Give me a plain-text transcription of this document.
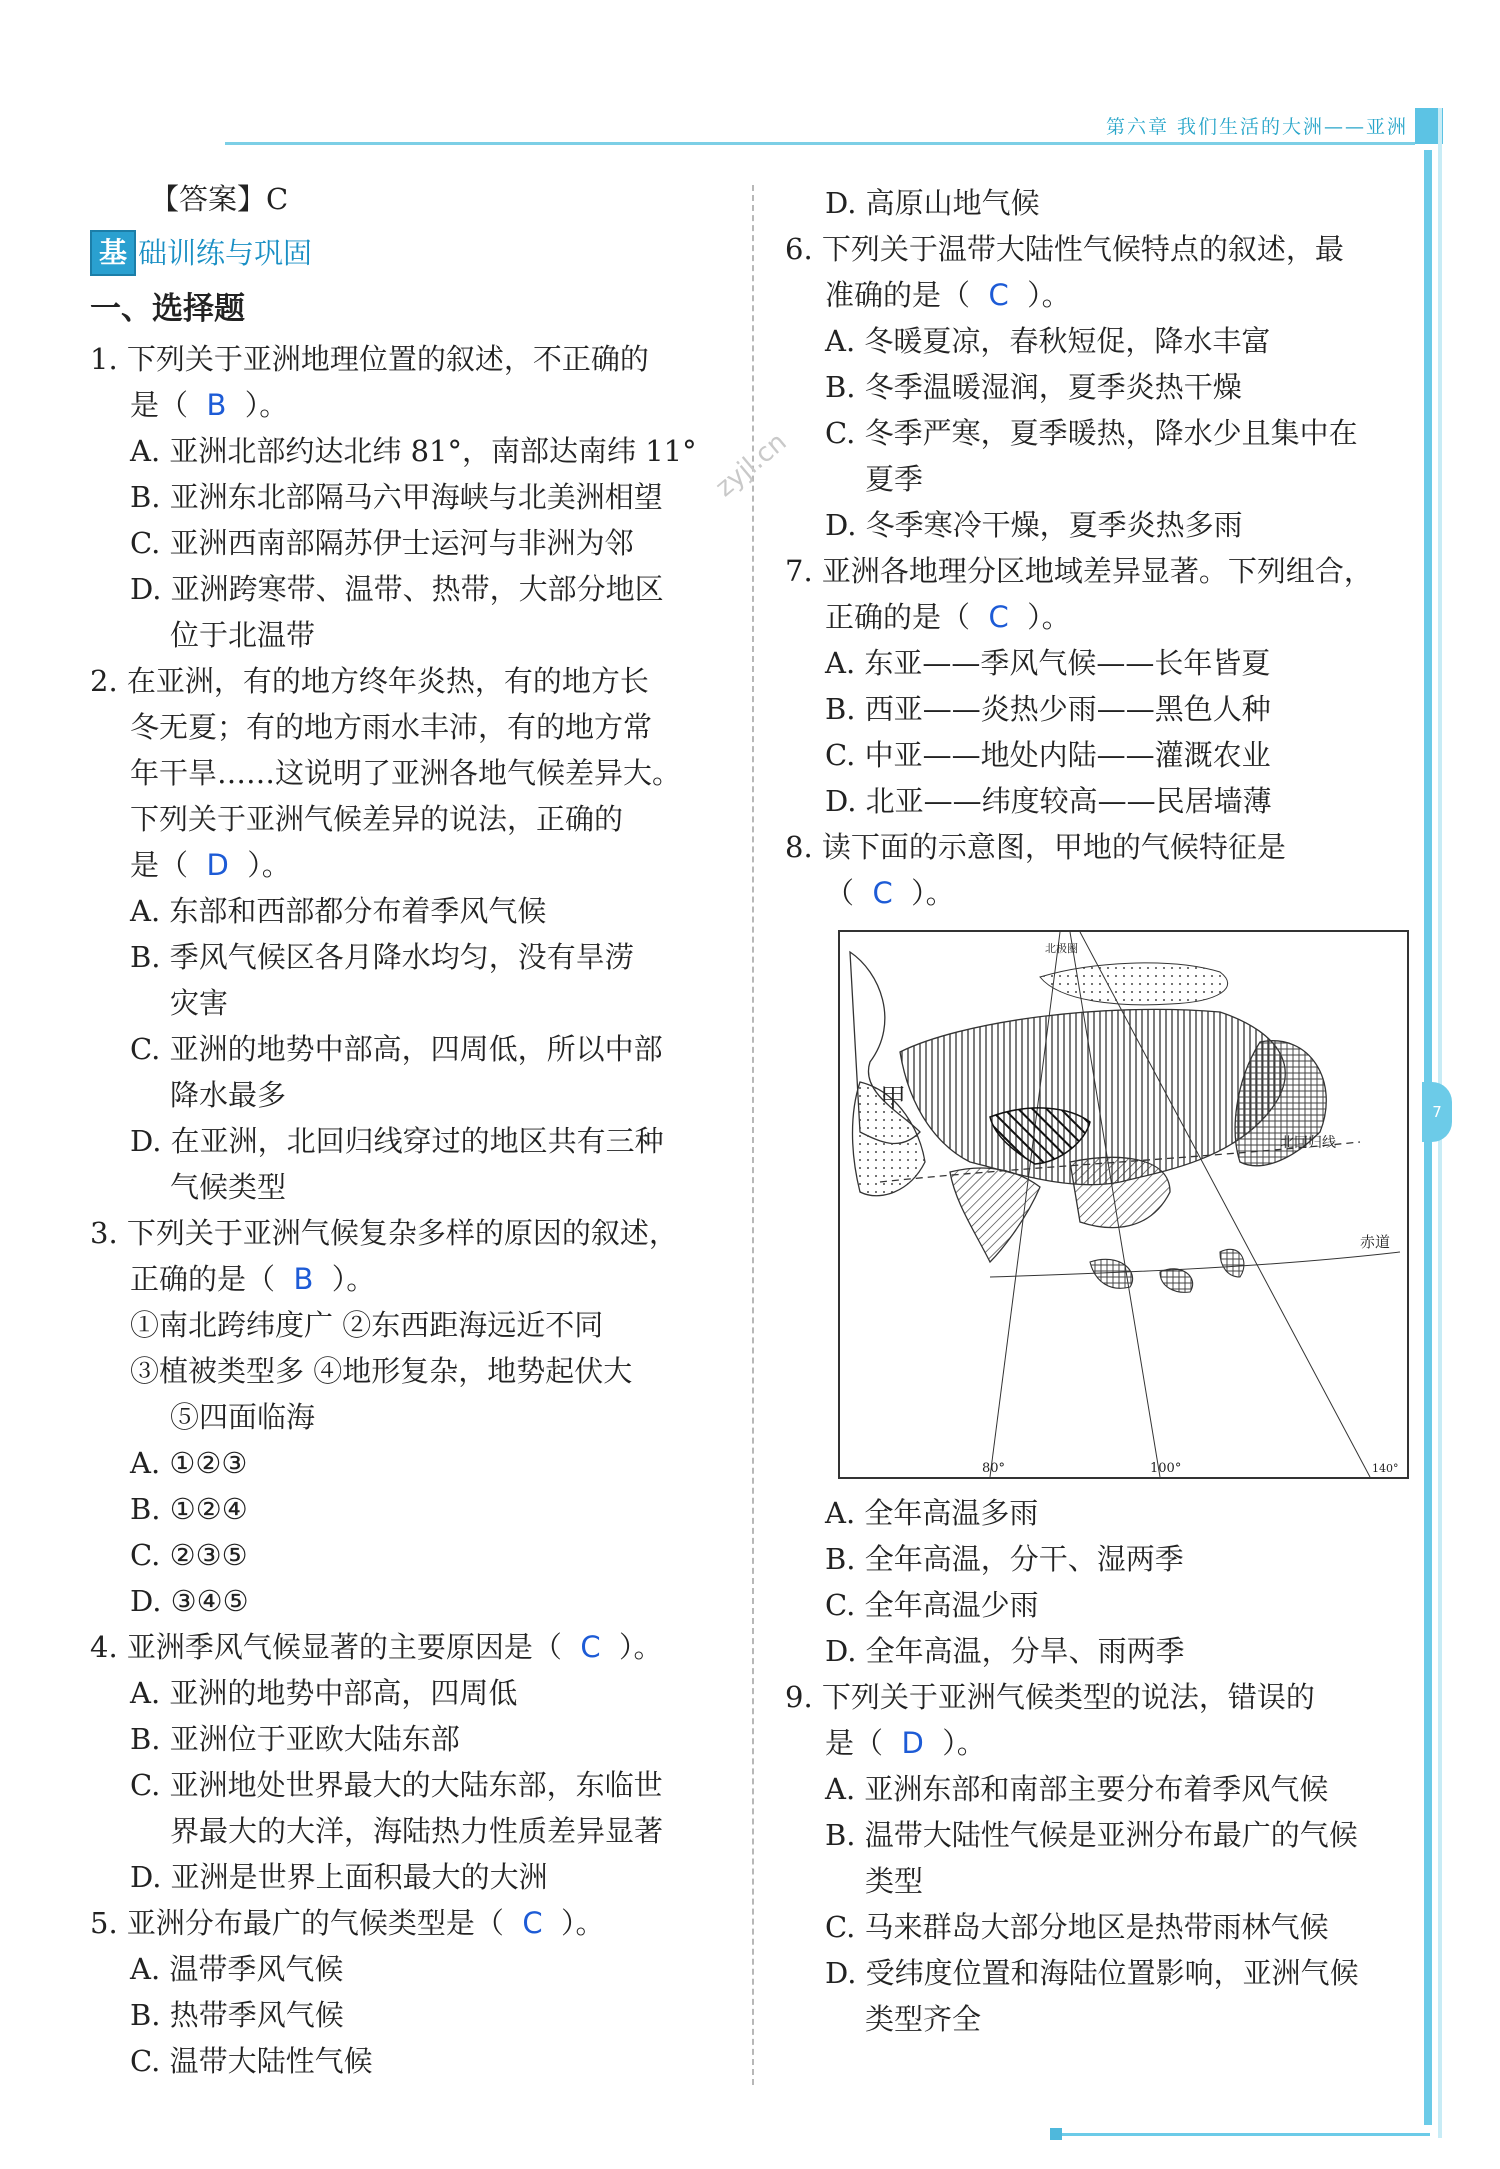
第六章 我们生活的大洲——亚洲
7
zyjl.cn

【答案】C

基 础训练与巩固

一、选择题

1. 下列关于亚洲地理位置的叙述，不正确的

是（ B ）。

A. 亚洲北部约达北纬 81°，南部达南纬 11°

B. 亚洲东北部隔马六甲海峡与北美洲相望

C. 亚洲西南部隔苏伊士运河与非洲为邻

D. 亚洲跨寒带、温带、热带，大部分地区

位于北温带

2. 在亚洲，有的地方终年炎热，有的地方长

冬无夏；有的地方雨水丰沛，有的地方常

年干旱……这说明了亚洲各地气候差异大。

下列关于亚洲气候差异的说法，正确的

是（ D ）。

A. 东部和西部都分布着季风气候

B. 季风气候区各月降水均匀，没有旱涝

灾害

C. 亚洲的地势中部高，四周低，所以中部

降水最多

D. 在亚洲，北回归线穿过的地区共有三种

气候类型

3. 下列关于亚洲气候复杂多样的原因的叙述，

正确的是（ B ）。

①南北跨纬度广 ②东西距海远近不同

③植被类型多 ④地形复杂，地势起伏大

⑤四面临海

A. ①②③

B. ①②④

C. ②③⑤

D. ③④⑤

4. 亚洲季风气候显著的主要原因是（ C ）。

A. 亚洲的地势中部高，四周低

B. 亚洲位于亚欧大陆东部

C. 亚洲地处世界最大的大陆东部，东临世

界最大的大洋，海陆热力性质差异显著

D. 亚洲是世界上面积最大的大洲

5. 亚洲分布最广的气候类型是（ C ）。

A. 温带季风气候

B. 热带季风气候

C. 温带大陆性气候

D. 高原山地气候

6. 下列关于温带大陆性气候特点的叙述，最

准确的是（ C ）。

A. 冬暖夏凉，春秋短促，降水丰富

B. 冬季温暖湿润，夏季炎热干燥

C. 冬季严寒，夏季暖热，降水少且集中在

夏季

D. 冬季寒冷干燥，夏季炎热多雨

7. 亚洲各地理分区地域差异显著。下列组合，

正确的是（ C ）。

A. 东亚——季风气候——长年皆夏

B. 西亚——炎热少雨——黑色人种

C. 中亚——地处内陆——灌溉农业

D. 北亚——纬度较高——民居墙薄

8. 读下面的示意图，甲地的气候特征是

（ C ）。

甲
北回归线
赤道
北极圈
80°	100°	140°

A. 全年高温多雨

B. 全年高温，分干、湿两季

C. 全年高温少雨

D. 全年高温，分旱、雨两季

9. 下列关于亚洲气候类型的说法，错误的

是（ D ）。

A. 亚洲东部和南部主要分布着季风气候

B. 温带大陆性气候是亚洲分布最广的气候

类型

C. 马来群岛大部分地区是热带雨林气候

D. 受纬度位置和海陆位置影响，亚洲气候

类型齐全
